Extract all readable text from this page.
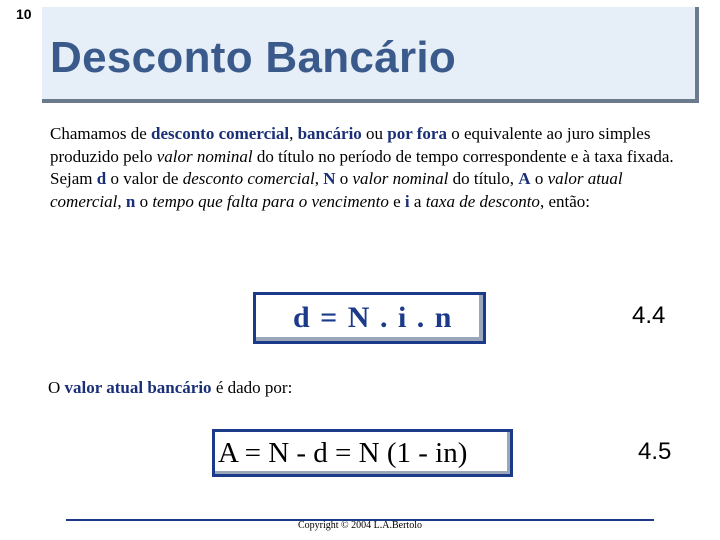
10
Desconto Bancário

Chamamos de desconto comercial, bancário ou por fora o equivalente ao juro simples produzido pelo valor nominal do título no período de tempo correspondente e à taxa fixada.

Sejam d o valor de desconto comercial, N o valor nominal do título, A o valor atual comercial, n o tempo que falta para o vencimento e i a taxa de desconto, então:

d = N . i . n	4.4
O valor atual bancário é dado por:
A = N - d = N (1 - in)	4.5
Copyright © 2004 L.A.Bertolo
